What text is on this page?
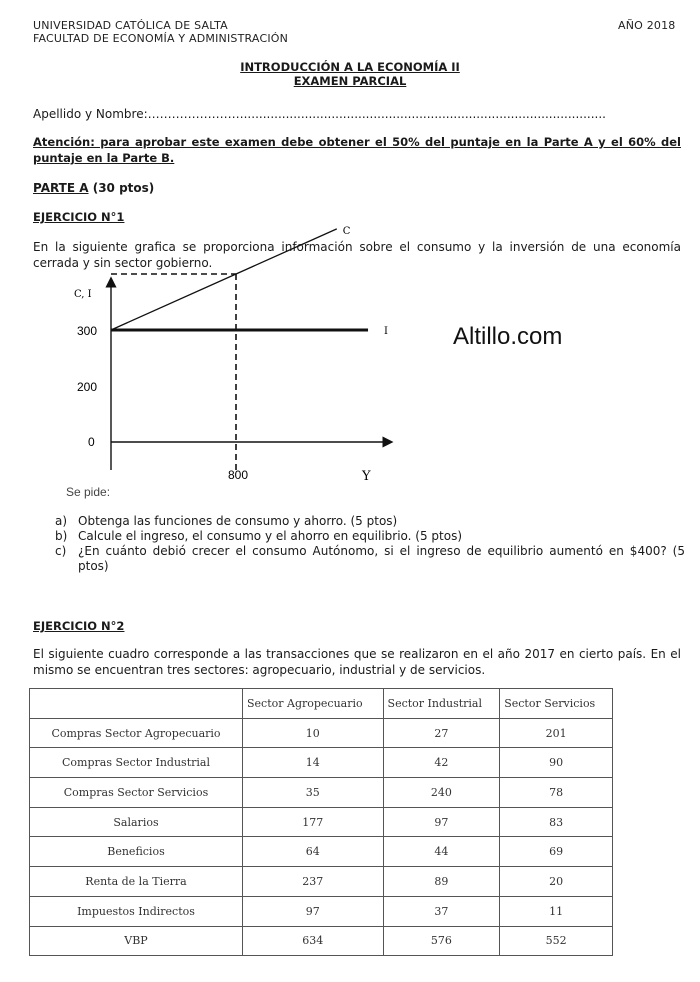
UNIVERSIDAD CATÓLICA DE SALTA
FACULTAD DE ECONOMÍA Y ADMINISTRACIÓN
AÑO 2018
INTRODUCCIÓN A LA ECONOMÍA II
EXAMEN PARCIAL
Apellido y Nombre:……………………...............................................................................................
Atención: para aprobar este examen debe obtener el 50% del puntaje en la Parte A y el 60% del puntaje en la Parte B.
PARTE A (30 ptos)
EJERCICIO N°1
En la siguiente grafica se proporciona información sobre el consumo y la inversión de una economía cerrada y sin sector gobierno.
C, I
Y
300
200
0
800
C
I	Altillo.com
Se pide:
a) Obtenga las funciones de consumo y ahorro. (5 ptos)
b) Calcule el ingreso, el consumo y el ahorro en equilibrio. (5 ptos)
c) ¿En cuánto debió crecer el consumo Autónomo, si el ingreso de equilibrio aumentó en $400? (5 ptos)
EJERCICIO N°2
El siguiente cuadro corresponde a las transacciones que se realizaron en el año 2017 en cierto país. En el mismo se encuentran tres sectores: agropecuario, industrial y de servicios.
	Sector Agropecuario	Sector Industrial	Sector Servicios
Compras Sector Agropecuario	10	27	201
Compras Sector Industrial	14	42	90
Compras Sector Servicios	35	240	78
Salarios	177	97	83
Beneficios	64	44	69
Renta de la Tierra	237	89	20
Impuestos Indirectos	97	37	11
VBP	634	576	552
